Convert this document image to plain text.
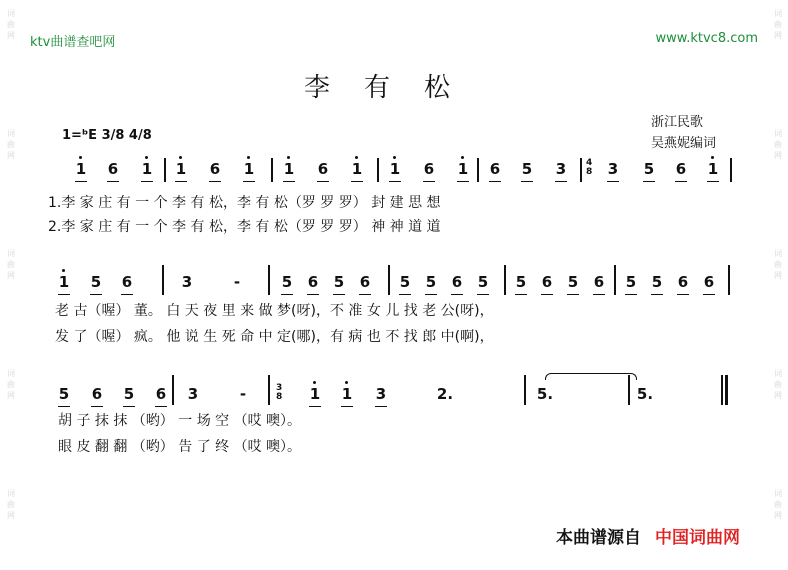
词曲网
词曲网
词曲网
词曲网
词曲网
词曲网
词曲网
词曲网
词曲网
词曲网
ktv曲谱查吧网	www.ktvc8.com
李有松
浙江民歌
吴燕妮编词
1=ᵇE 3/8 4/8
4
8
1 6 1 1 6 1 1 6 1 1 6 1 6 5 3	3 5 6 1
1.李 家 庄 有 一 个 李 有 松，李 有 松（罗 罗 罗） 封 建 思 想
2.李 家 庄 有 一 个 李 有 松，李 有 松（罗 罗 罗） 神 神 道 道
1 5 6	3	-	5 6 5 6 5 5 6 5 5 6 5 6 5 5 6 6
老 古（喔） 董。 白 天 夜 里 来 做 梦(呀)，不 准 女 儿 找 老 公(呀)，
发 了（喔） 疯。 他 说 生 死 命 中 定(哪)，有 病 也 不 找 郎 中(啊)，
3
8
5 6 5 6 3	-	1 1 3	2.	5.	5.
胡 子 抹 抹 （哟） 一 场 空 （哎 噢）。
眼 皮 翻 翻 （哟） 告 了 终 （哎 噢）。
本曲谱源自 中国词曲网
